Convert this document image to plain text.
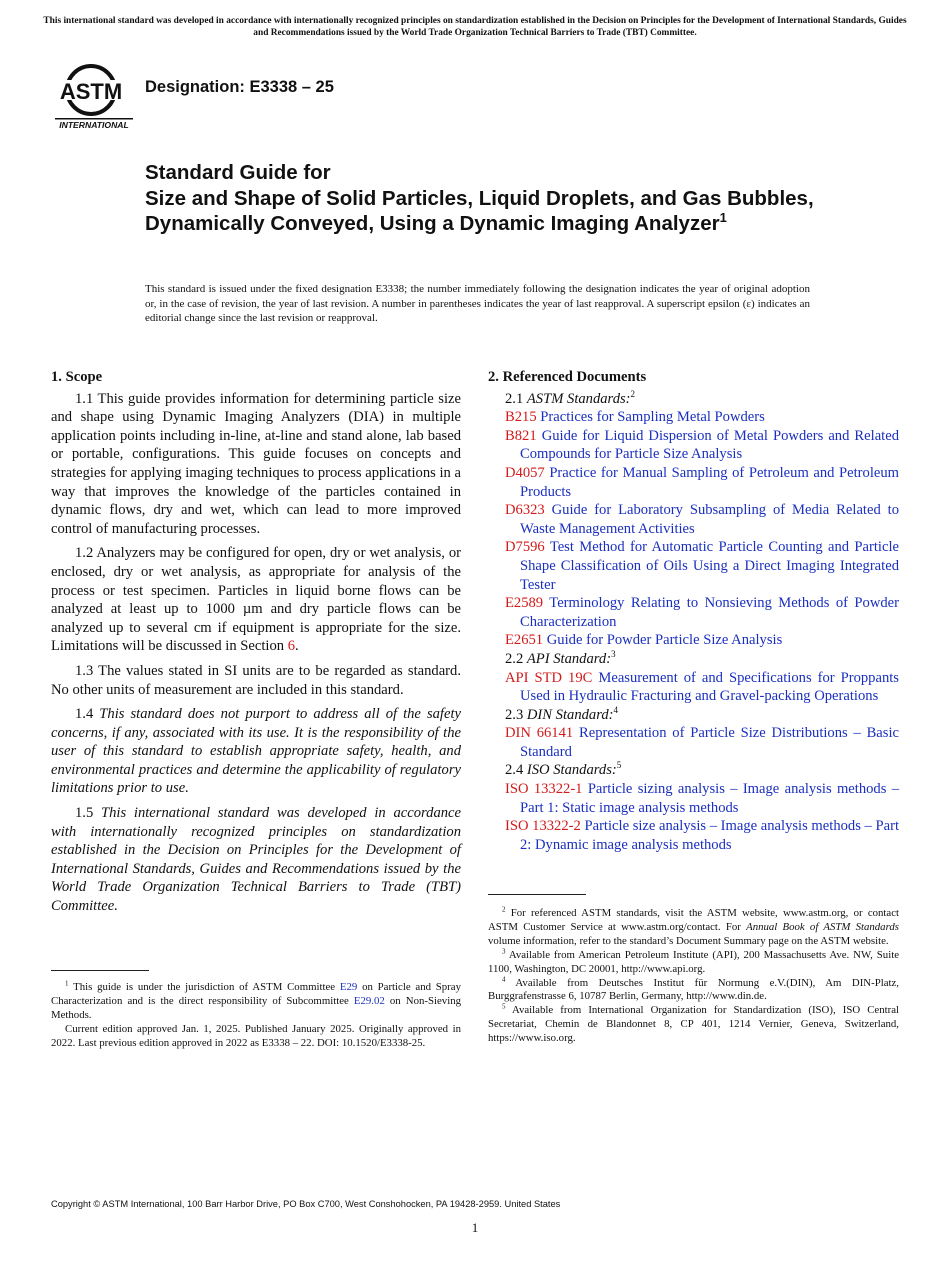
This international standard was developed in accordance with internationally recognized principles on standardization established in the Decision on Principles for the Development of International Standards, Guides and Recommendations issued by the World Trade Organization Technical Barriers to Trade (TBT) Committee.
ASTM
INTERNATIONAL
Designation: E3338 – 25
Standard Guide for
Size and Shape of Solid Particles, Liquid Droplets, and Gas Bubbles, Dynamically Conveyed, Using a Dynamic Imaging Analyzer$^1$
This standard is issued under the fixed designation E3338; the number immediately following the designation indicates the year of original adoption or, in the case of revision, the year of last revision. A number in parentheses indicates the year of last reapproval. A superscript epsilon (ε) indicates an editorial change since the last revision or reapproval.
1. Scope

1.1 This guide provides information for determining particle size and shape using Dynamic Imaging Analyzers (DIA) in multiple application points including in-line, at-line and stand alone, lab based or portable, configurations. This guide focuses on concepts and strategies for applying imaging techniques to process applications in a way that improves the knowledge of the particles contained in dynamic flows, dry and wet, which can lead to more improved control of manufacturing processes.

1.2 Analyzers may be configured for open, dry or wet analysis, or enclosed, dry or wet analysis, as appropriate for analysis of the process or test specimen. Particles in liquid borne flows can be analyzed at least up to 1000 µm and dry particle flows can be analyzed up to several cm if equipment is appropriate for the size. Limitations will be discussed in Section 6.

1.3 The values stated in SI units are to be regarded as standard. No other units of measurement are included in this standard.

1.4 This standard does not purport to address all of the safety concerns, if any, associated with its use. It is the responsibility of the user of this standard to establish appropriate safety, health, and environmental practices and determine the applicability of regulatory limitations prior to use.

1.5 This international standard was developed in accordance with internationally recognized principles on standardization established in the Decision on Principles for the Development of International Standards, Guides and Recommendations issued by the World Trade Organization Technical Barriers to Trade (TBT) Committee.

2. Referenced Documents
2.1 ASTM Standards:$^2$
B215 Practices for Sampling Metal Powders
B821 Guide for Liquid Dispersion of Metal Powders and Related Compounds for Particle Size Analysis
D4057 Practice for Manual Sampling of Petroleum and Petroleum Products
D6323 Guide for Laboratory Subsampling of Media Related to Waste Management Activities
D7596 Test Method for Automatic Particle Counting and Particle Shape Classification of Oils Using a Direct Imaging Integrated Tester
E2589 Terminology Relating to Nonsieving Methods of Powder Characterization
E2651 Guide for Powder Particle Size Analysis
2.2 API Standard:$^3$
API STD 19C Measurement of and Specifications for Proppants Used in Hydraulic Fracturing and Gravel-packing Operations
2.3 DIN Standard:$^4$
DIN 66141 Representation of Particle Size Distributions – Basic Standard
2.4 ISO Standards:$^5$
ISO 13322-1 Particle sizing analysis – Image analysis methods – Part 1: Static image analysis methods
ISO 13322-2 Particle size analysis – Image analysis methods – Part 2: Dynamic image analysis methods

$^1$ This guide is under the jurisdiction of ASTM Committee E29 on Particle and Spray Characterization and is the direct responsibility of Subcommittee E29.02 on Non-Sieving Methods.

Current edition approved Jan. 1, 2025. Published January 2025. Originally approved in 2022. Last previous edition approved in 2022 as E3338 – 22. DOI: 10.1520/E3338-25.

$^2$ For referenced ASTM standards, visit the ASTM website, www.astm.org, or contact ASTM Customer Service at www.astm.org/contact. For Annual Book of ASTM Standards volume information, refer to the standard’s Document Summary page on the ASTM website.

$^3$ Available from American Petroleum Institute (API), 200 Massachusetts Ave. NW, Suite 1100, Washington, DC 20001, http://www.api.org.

$^4$ Available from Deutsches Institut für Normung e.V.(DIN), Am DIN-Platz, Burggrafenstrasse 6, 10787 Berlin, Germany, http://www.din.de.

$^5$ Available from International Organization for Standardization (ISO), ISO Central Secretariat, Chemin de Blandonnet 8, CP 401, 1214 Vernier, Geneva, Switzerland, https://www.iso.org.

Copyright © ASTM International, 100 Barr Harbor Drive, PO Box C700, West Conshohocken, PA 19428-2959. United States
1
